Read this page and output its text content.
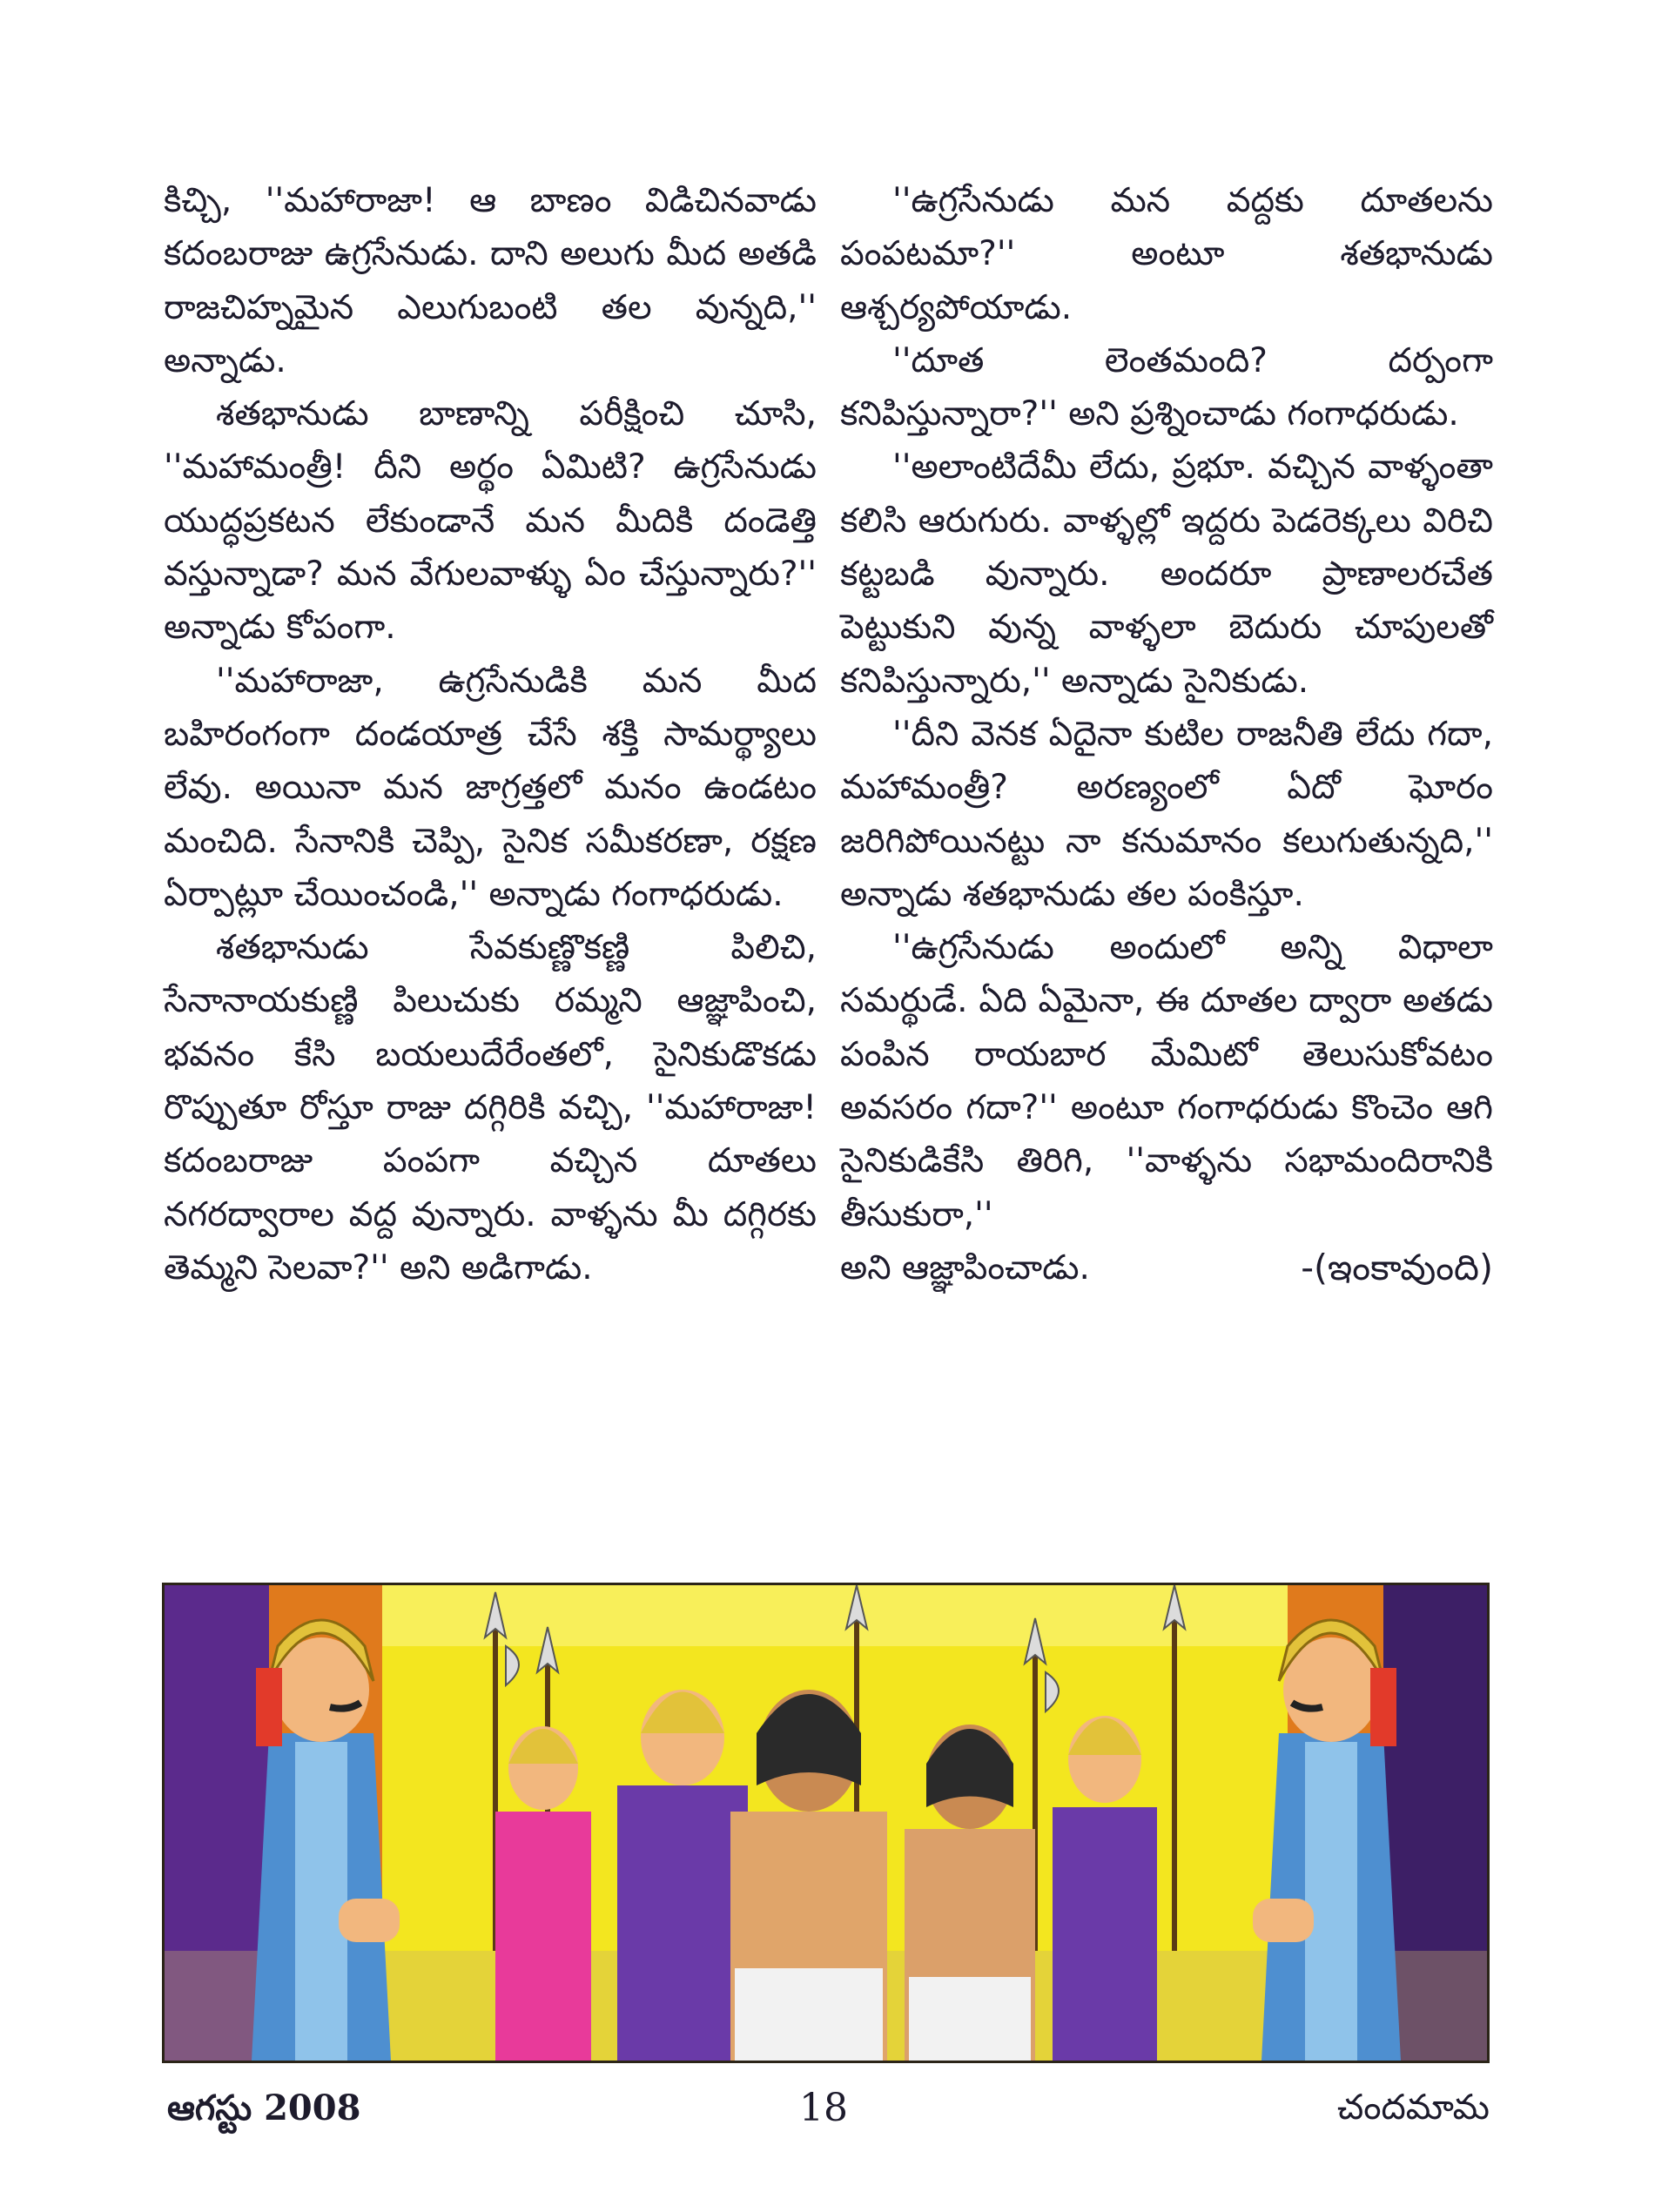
కిచ్చి, ''మహారాజా! ఆ బాణం విడిచినవాడు కదంబరాజు ఉగ్రసేనుడు. దాని అలుగు మీద అతడి రాజచిహ్నమైన ఎలుగుబంటి తల వున్నది,'' అన్నాడు.

శతభానుడు బాణాన్ని పరీక్షించి చూసి, ''మహామంత్రీ! దీని అర్థం ఏమిటి? ఉగ్రసేనుడు యుద్ధప్రకటన లేకుండానే మన మీదికి దండెత్తి వస్తున్నాడా? మన వేగులవాళ్ళు ఏం చేస్తున్నారు?'' అన్నాడు కోపంగా.

''మహారాజా, ఉగ్రసేనుడికి మన మీద బహిరంగంగా దండయాత్ర చేసే శక్తి సామర్థ్యాలు లేవు. అయినా మన జాగ్రత్తలో మనం ఉండటం మంచిది. సేనానికి చెప్పి, సైనిక సమీకరణా, రక్షణ ఏర్పాట్లూ చేయించండి,'' అన్నాడు గంగాధరుడు.

శతభానుడు సేవకుణ్ణొకణ్ణి పిలిచి, సేనానాయకుణ్ణి పిలుచుకు రమ్మని ఆజ్ఞాపించి, భవనం కేసి బయలుదేరేంతలో, సైనికుడొకడు రొప్పుతూ రోస్తూ రాజు దగ్గిరికి వచ్చి, ''మహారాజా! కదంబరాజు పంపగా వచ్చిన దూతలు నగరద్వారాల వద్ద వున్నారు. వాళ్ళను మీ దగ్గిరకు తెమ్మని సెలవా?'' అని అడిగాడు.

''ఉగ్రసేనుడు మన వద్దకు దూతలను పంపటమా?'' అంటూ శతభానుడు ఆశ్చర్యపోయాడు.

''దూత లెంతమంది? దర్పంగా కనిపిస్తున్నారా?'' అని ప్రశ్నించాడు గంగాధరుడు.

''అలాంటిదేమీ లేదు, ప్రభూ. వచ్చిన వాళ్ళంతా కలిసి ఆరుగురు. వాళ్ళల్లో ఇద్దరు పెడరెక్కలు విరిచి కట్టబడి వున్నారు. అందరూ ప్రాణాలరచేత పెట్టుకుని వున్న వాళ్ళలా బెదురు చూపులతో కనిపిస్తున్నారు,'' అన్నాడు సైనికుడు.

''దీని వెనక ఏదైనా కుటిల రాజనీతి లేదు గదా, మహామంత్రీ? అరణ్యంలో ఏదో ఘోరం జరిగిపోయినట్టు నా కనుమానం కలుగుతున్నది,'' అన్నాడు శతభానుడు తల పంకిస్తూ.

''ఉగ్రసేనుడు అందులో అన్ని విధాలా సమర్థుడే. ఏది ఏమైనా, ఈ దూతల ద్వారా అతడు పంపిన రాయబార మేమిటో తెలుసుకోవటం అవసరం గదా?'' అంటూ గంగాధరుడు కొంచెం ఆగి సైనికుడికేసి తిరిగి, ''వాళ్ళను సభామందిరానికి తీసుకురా,''

అని ఆజ్ఞాపించాడు.	-(ఇంకావుంది)
ఆగస్టు 2008	18	చందమామ
